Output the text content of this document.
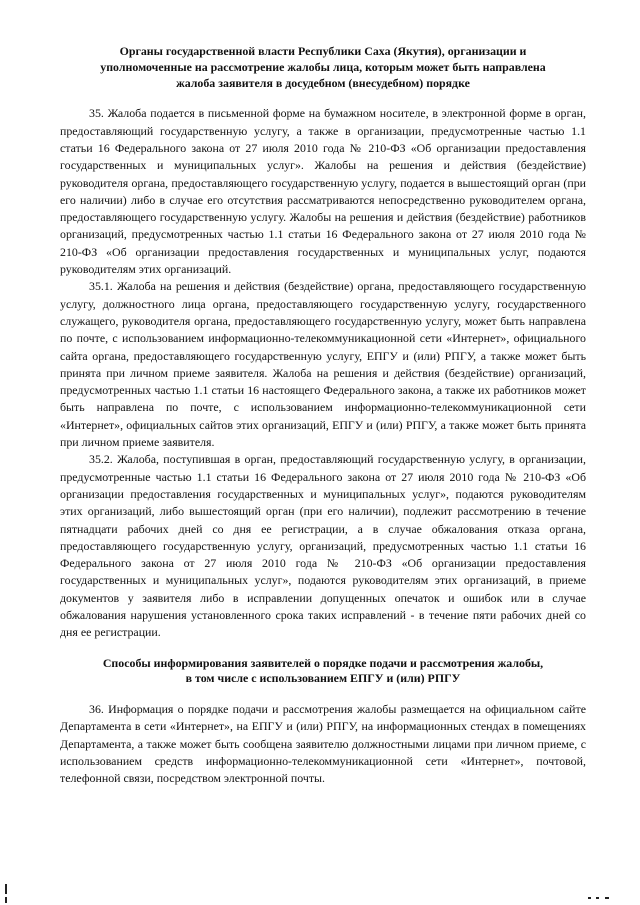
Органы государственной власти Республики Саха (Якутия), организации и
уполномоченные на рассмотрение жалобы лица, которым может быть направлена
жалоба заявителя в досудебном (внесудебном) порядке

35. Жалоба подается в письменной форме на бумажном носителе, в электронной форме в орган, предоставляющий государственную услугу, а также в организации, предусмотренные частью 1.1 статьи 16 Федерального закона от 27 июля 2010 года № 210-ФЗ «Об организации предоставления государственных и муниципальных услуг». Жалобы на решения и действия (бездействие) руководителя органа, предоставляющего государственную услугу, подается в вышестоящий орган (при его наличии) либо в случае его отсутствия рассматриваются непосредственно руководителем органа, предоставляющего государственную услугу. Жалобы на решения и действия (бездействие) работников организаций, предусмотренных частью 1.1 статьи 16 Федерального закона от 27 июля 2010 года № 210-ФЗ «Об организации предоставления государственных и муниципальных услуг, подаются руководителям этих организаций.

35.1. Жалоба на решения и действия (бездействие) органа, предоставляющего государственную услугу, должностного лица органа, предоставляющего государственную услугу, государственного служащего, руководителя органа, предоставляющего государственную услугу, может быть направлена по почте, с использованием информационно-телекоммуникационной сети «Интернет», официального сайта органа, предоставляющего государственную услугу, ЕПГУ и (или) РПГУ, а также может быть принята при личном приеме заявителя. Жалоба на решения и действия (бездействие) организаций, предусмотренных частью 1.1 статьи 16 настоящего Федерального закона, а также их работников может быть направлена по почте, с использованием информационно-телекоммуникационной сети «Интернет», официальных сайтов этих организаций, ЕПГУ и (или) РПГУ, а также может быть принята при личном приеме заявителя.

35.2. Жалоба, поступившая в орган, предоставляющий государственную услугу, в организации, предусмотренные частью 1.1 статьи 16 Федерального закона от 27 июля 2010 года № 210-ФЗ «Об организации предоставления государственных и муниципальных услуг», подаются руководителям этих организаций, либо вышестоящий орган (при его наличии), подлежит рассмотрению в течение пятнадцати рабочих дней со дня ее регистрации, а в случае обжалования отказа органа, предоставляющего государственную услугу, организаций, предусмотренных частью 1.1 статьи 16 Федерального закона от 27 июля 2010 года № 210-ФЗ «Об организации предоставления государственных и муниципальных услуг», подаются руководителям этих организаций, в приеме документов у заявителя либо в исправлении допущенных опечаток и ошибок или в случае обжалования нарушения установленного срока таких исправлений - в течение пяти рабочих дней со дня ее регистрации.

Способы информирования заявителей о порядке подачи и рассмотрения жалобы,
в том числе с использованием ЕПГУ и (или) РПГУ

36. Информация о порядке подачи и рассмотрения жалобы размещается на официальном сайте Департамента в сети «Интернет», на ЕПГУ и (или) РПГУ, на информационных стендах в помещениях Департамента, а также может быть сообщена заявителю должностными лицами при личном приеме, с использованием средств информационно-телекоммуникационной сети «Интернет», почтовой, телефонной связи, посредством электронной почты.
